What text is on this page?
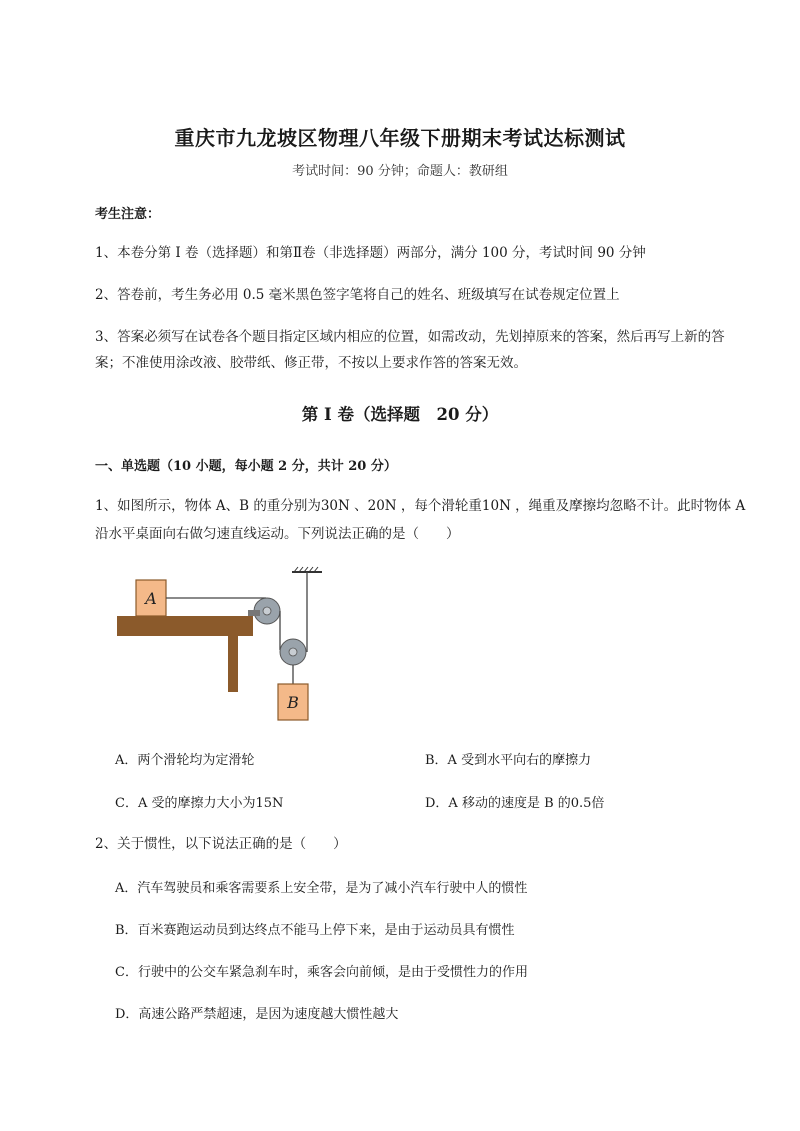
重庆市九龙坡区物理八年级下册期末考试达标测试
考试时间：90 分钟；命题人：教研组
考生注意：
1、本卷分第 I 卷（选择题）和第Ⅱ卷（非选择题）两部分，满分 100 分，考试时间 90 分钟
2、答卷前，考生务必用 0.5 毫米黑色签字笔将自己的姓名、班级填写在试卷规定位置上
3、答案必须写在试卷各个题目指定区域内相应的位置，如需改动，先划掉原来的答案，然后再写上新的答案；不准使用涂改液、胶带纸、修正带，不按以上要求作答的答案无效。
第 I 卷（选择题　20 分）
一、单选题（10 小题，每小题 2 分，共计 20 分）
1、如图所示，物体 A、B 的重分别为30N 、20N ，每个滑轮重10N ，绳重及摩擦均忽略不计。此时物体 A 沿水平桌面向右做匀速直线运动。下列说法正确的是（　　）
A
B
A．两个滑轮均为定滑轮	B．A 受到水平向右的摩擦力
C．A 受的摩擦力大小为15N	D．A 移动的速度是 B 的0.5倍
2、关于惯性，以下说法正确的是（　　）
A．汽车驾驶员和乘客需要系上安全带，是为了减小汽车行驶中人的惯性
B．百米赛跑运动员到达终点不能马上停下来，是由于运动员具有惯性
C．行驶中的公交车紧急刹车时，乘客会向前倾，是由于受惯性力的作用
D．高速公路严禁超速，是因为速度越大惯性越大
